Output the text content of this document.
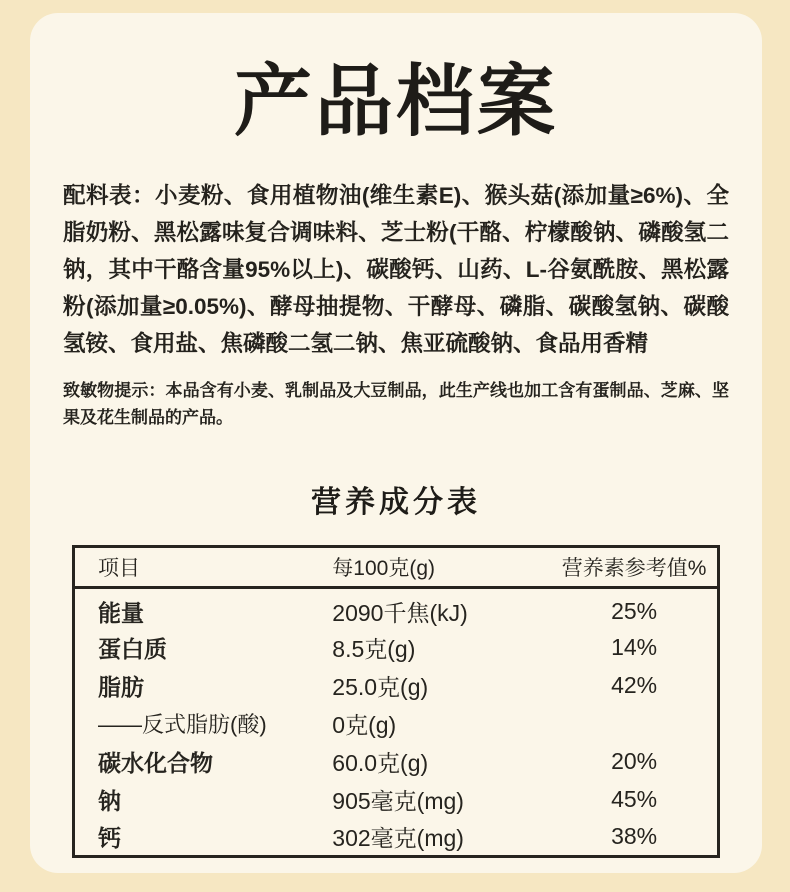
产品档案

配料表：小麦粉、食用植物油(维生素E)、猴头菇(添加量≥6%)、全脂奶粉、黑松露味复合调味料、芝士粉(干酪、柠檬酸钠、磷酸氢二钠，其中干酪含量95%以上)、碳酸钙、山药、L-谷氨酰胺、黑松露粉(添加量≥0.05%)、酵母抽提物、干酵母、磷脂、碳酸氢钠、碳酸氢铵、食用盐、焦磷酸二氢二钠、焦亚硫酸钠、食品用香精

致敏物提示：本品含有小麦、乳制品及大豆制品，此生产线也加工含有蛋制品、芝麻、坚果及花生制品的产品。

营养成分表
项目	每100克(g)	营养素参考值%
能量	2090千焦(kJ)	25%
蛋白质	8.5克(g)	14%
脂肪	25.0克(g)	42%
——反式脂肪(酸)	0克(g)	
碳水化合物	60.0克(g)	20%
钠	905毫克(mg)	45%
钙	302毫克(mg)	38%
